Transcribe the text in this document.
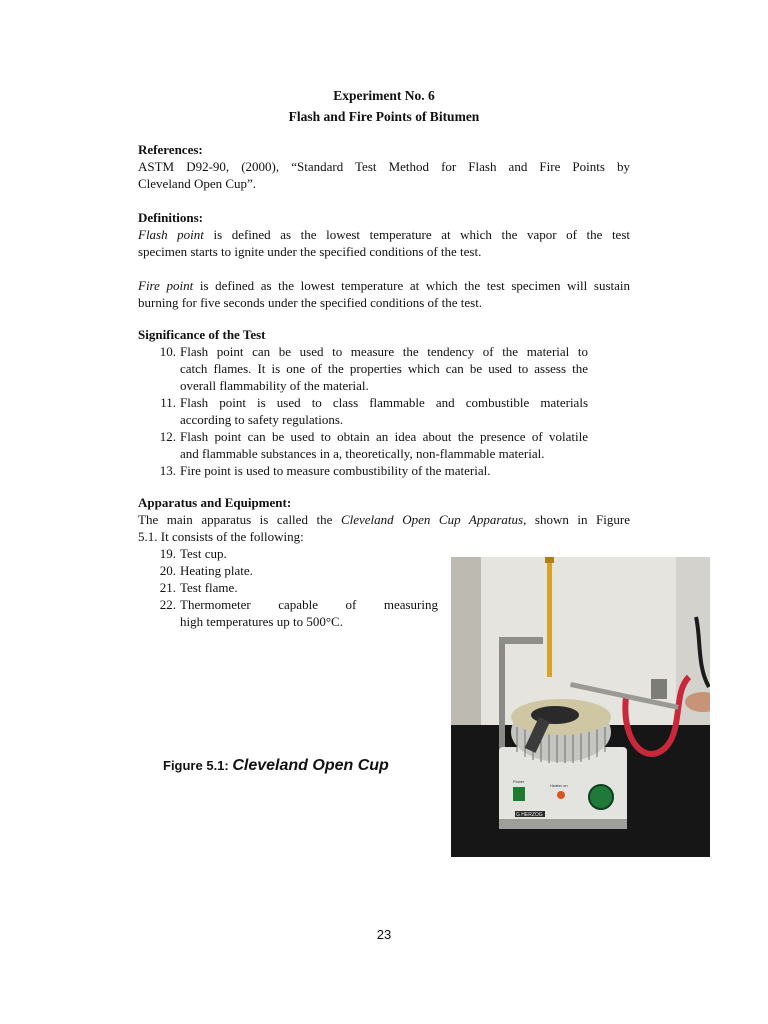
Experiment No. 6
Flash and Fire Points of Bitumen
References:
ASTM D92-90, (2000), “Standard Test Method for Flash and Fire Points by
Cleveland Open Cup”.
Definitions:
Flash point is defined as the lowest temperature at which the vapor of the test
specimen starts to ignite under the specified conditions of the test.
Fire point is defined as the lowest temperature at which the test specimen will sustain
burning for five seconds under the specified conditions of the test.
Significance of the Test
10. Flash point can be used to measure the tendency of the material to
catch flames. It is one of the properties which can be used to assess the
overall flammability of the material.
11. Flash point is used to class flammable and combustible materials
according to safety regulations.
12. Flash point can be used to obtain an idea about the presence of volatile
and flammable substances in a, theoretically, non-flammable material.
13. Fire point is used to measure combustibility of the material.
Apparatus and Equipment:
The main apparatus is called the Cleveland Open Cup Apparatus, shown in Figure
5.1. It consists of the following:
19. Test cup.
20. Heating plate.
21. Test flame.
22. Thermometer capable of measuring
high temperatures up to 500°C.
Figure 5.1: Cleveland Open Cup
Power
Heater on
G HERZOG
23
